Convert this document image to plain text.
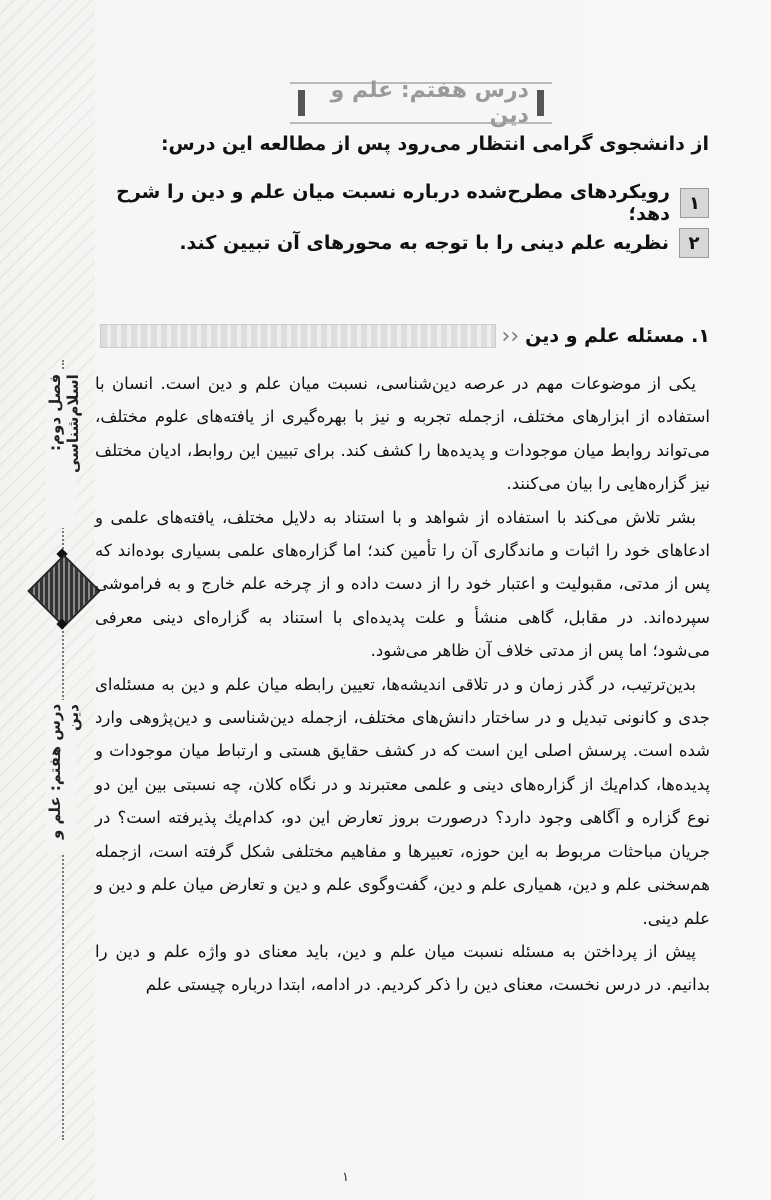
فصل دوم: اسلام‌شناسی
درس هفتم: علم و دین
درس هفتم: علم و دین
از دانشجوی گرامی انتظار می‌رود پس از مطالعه این درس:
۱
رویکردهای مطرح‌شده درباره نسبت میان علم و دین را شرح دهد؛
۲
نظریه علم دینی را با توجه به محورهای آن تبیین کند.
۱. مسئله علم و دین
‹‹

یکی از موضوعات مهم در عرصه دین‌شناسی، نسبت میان علم و دین است. انسان با استفاده از ابزارهای مختلف، ازجمله تجربه و نیز با بهره‌گیری از یافته‌های علوم مختلف، می‌تواند روابط میان موجودات و پدیده‌ها را کشف کند. برای تبیین این روابط، ادیان مختلف نیز گزاره‌هایی را بیان می‌کنند.

بشر تلاش می‌کند با استفاده از شواهد و با استناد به دلایل مختلف، یافته‌های علمی و ادعاهای خود را اثبات و ماندگاری آن را تأمین کند؛ اما گزاره‌های علمی بسیاری بوده‌اند که پس از مدتی، مقبولیت و اعتبار خود را از دست داده و از چرخه علم خارج و به فراموشی سپرده‌اند. در مقابل، گاهی منشأ و علت پدیده‌ای با استناد به گزاره‌ای دینی معرفی می‌شود؛ اما پس از مدتی خلاف آن ظاهر می‌شود.

بدین‌ترتیب، در گذر زمان و در تلاقی اندیشه‌ها، تعیین رابطه میان علم و دین به مسئله‌ای جدی و کانونی تبدیل و در ساختار دانش‌های مختلف، ازجمله دین‌شناسی و دین‌پژوهی وارد شده است. پرسش اصلی این است که در کشف حقایق هستی و ارتباط میان موجودات و پدیده‌ها، کدام‌یك از گزاره‌های دینی و علمی معتبرند و در نگاه کلان، چه نسبتی بین این دو نوع گزاره و آگاهی وجود دارد؟ درصورت بروز تعارض این دو، کدام‌یك پذیرفته است؟ در جریان مباحثات مربوط به این حوزه، تعبیرها و مفاهیم مختلفی شکل گرفته است، ازجمله هم‌سخنی علم و دین، همیاری علم و دین، گفت‌وگوی علم و دین و تعارض میان علم و دین و علم دینی.

پیش از پرداختن به مسئله نسبت میان علم و دین، باید معنای دو واژه علم و دین را بدانیم. در درس نخست، معنای دین را ذکر کردیم. در ادامه، ابتدا درباره چیستی علم

۱
